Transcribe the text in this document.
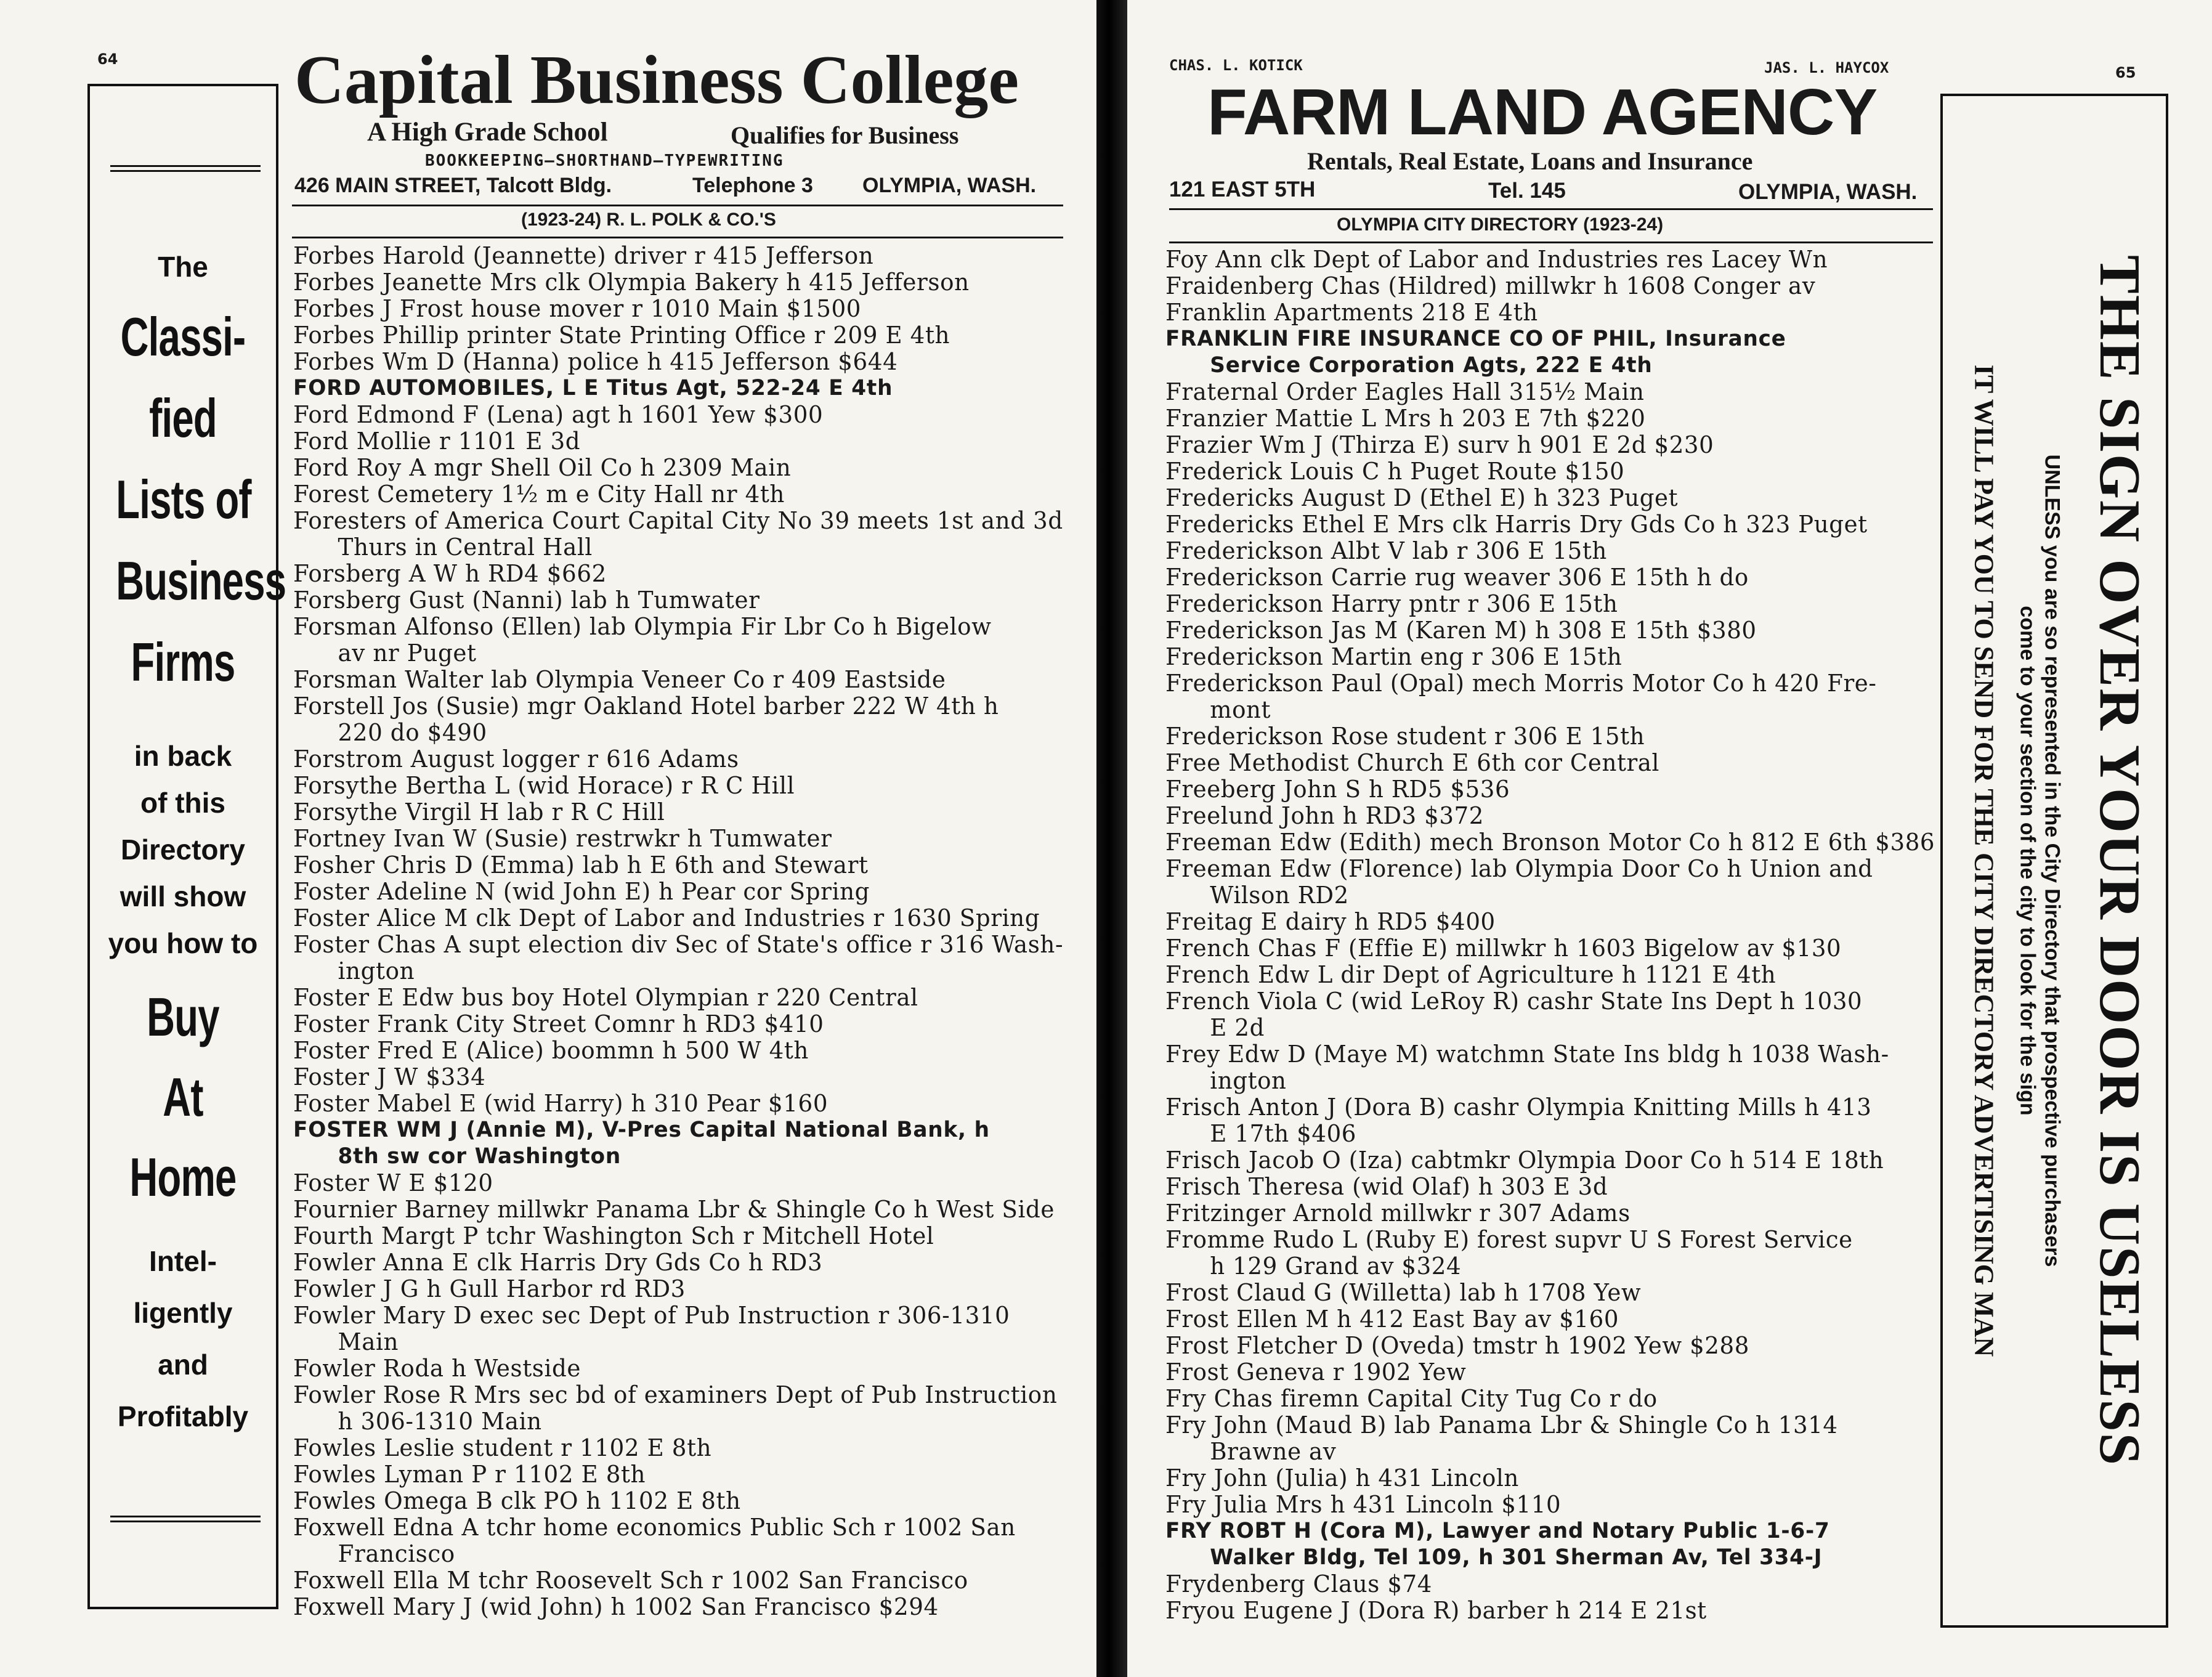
64	Capital Business College
A High Grade School	Qualifies for Business
BOOKKEEPING—SHORTHAND—TYPEWRITING
426 MAIN STREET, Talcott Bldg.	Telephone 3 OLYMPIA, WASH.
(1923-24) R. L. POLK & CO.'S
The
Classi-
fied
Lists of
Business
Firms
in back
of this
Directory
will show
you how to
Buy
At
Home
Intel-
ligently
and
Profitably
Forbes Harold (Jeannette) driver r 415 Jefferson
Forbes Jeanette Mrs clk Olympia Bakery h 415 Jefferson
Forbes J Frost house mover r 1010 Main $1500
Forbes Phillip printer State Printing Office r 209 E 4th
Forbes Wm D (Hanna) police h 415 Jefferson $644
FORD AUTOMOBILES, L E Titus Agt, 522-24 E 4th
Ford Edmond F (Lena) agt h 1601 Yew $300
Ford Mollie r 1101 E 3d
Ford Roy A mgr Shell Oil Co h 2309 Main
Forest Cemetery 1½ m e City Hall nr 4th
Foresters of America Court Capital City No 39 meets 1st and 3d
Thurs in Central Hall
Forsberg A W h RD4 $662
Forsberg Gust (Nanni) lab h Tumwater
Forsman Alfonso (Ellen) lab Olympia Fir Lbr Co h Bigelow
av nr Puget
Forsman Walter lab Olympia Veneer Co r 409 Eastside
Forstell Jos (Susie) mgr Oakland Hotel barber 222 W 4th h
220 do $490
Forstrom August logger r 616 Adams
Forsythe Bertha L (wid Horace) r R C Hill
Forsythe Virgil H lab r R C Hill
Fortney Ivan W (Susie) restrwkr h Tumwater
Fosher Chris D (Emma) lab h E 6th and Stewart
Foster Adeline N (wid John E) h Pear cor Spring
Foster Alice M clk Dept of Labor and Industries r 1630 Spring
Foster Chas A supt election div Sec of State's office r 316 Wash-
ington
Foster E Edw bus boy Hotel Olympian r 220 Central
Foster Frank City Street Comnr h RD3 $410
Foster Fred E (Alice) boommn h 500 W 4th
Foster J W $334
Foster Mabel E (wid Harry) h 310 Pear $160
FOSTER WM J (Annie M), V-Pres Capital National Bank, h
8th sw cor Washington
Foster W E $120
Fournier Barney millwkr Panama Lbr & Shingle Co h West Side
Fourth Margt P tchr Washington Sch r Mitchell Hotel
Fowler Anna E clk Harris Dry Gds Co h RD3
Fowler J G h Gull Harbor rd RD3
Fowler Mary D exec sec Dept of Pub Instruction r 306-1310
Main
Fowler Roda h Westside
Fowler Rose R Mrs sec bd of examiners Dept of Pub Instruction
h 306-1310 Main
Fowles Leslie student r 1102 E 8th
Fowles Lyman P r 1102 E 8th
Fowles Omega B clk PO h 1102 E 8th
Foxwell Edna A tchr home economics Public Sch r 1002 San
Francisco
Foxwell Ella M tchr Roosevelt Sch r 1002 San Francisco
Foxwell Mary J (wid John) h 1002 San Francisco $294
65
CHAS. L. KOTICK	JAS. L. HAYCOX
FARM LAND AGENCY
Rentals, Real Estate, Loans and Insurance
121 EAST 5TH	Tel. 145	OLYMPIA, WASH.
OLYMPIA CITY DIRECTORY (1923-24)
THE SIGN OVER YOUR DOOR IS USELESS
UNLESS you are so represented in the City Directory that prospective purchasers
come to your section of the city to look for the sign
IT WILL PAY YOU TO SEND FOR THE CITY DIRECTORY ADVERTISING MAN
Foy Ann clk Dept of Labor and Industries res Lacey Wn
Fraidenberg Chas (Hildred) millwkr h 1608 Conger av
Franklin Apartments 218 E 4th
FRANKLIN FIRE INSURANCE CO OF PHIL, Insurance
Service Corporation Agts, 222 E 4th
Fraternal Order Eagles Hall 315½ Main
Franzier Mattie L Mrs h 203 E 7th $220
Frazier Wm J (Thirza E) surv h 901 E 2d $230
Frederick Louis C h Puget Route $150
Fredericks August D (Ethel E) h 323 Puget
Fredericks Ethel E Mrs clk Harris Dry Gds Co h 323 Puget
Frederickson Albt V lab r 306 E 15th
Frederickson Carrie rug weaver 306 E 15th h do
Frederickson Harry pntr r 306 E 15th
Frederickson Jas M (Karen M) h 308 E 15th $380
Frederickson Martin eng r 306 E 15th
Frederickson Paul (Opal) mech Morris Motor Co h 420 Fre-
mont
Frederickson Rose student r 306 E 15th
Free Methodist Church E 6th cor Central
Freeberg John S h RD5 $536
Freelund John h RD3 $372
Freeman Edw (Edith) mech Bronson Motor Co h 812 E 6th $386
Freeman Edw (Florence) lab Olympia Door Co h Union and
Wilson RD2
Freitag E dairy h RD5 $400
French Chas F (Effie E) millwkr h 1603 Bigelow av $130
French Edw L dir Dept of Agriculture h 1121 E 4th
French Viola C (wid LeRoy R) cashr State Ins Dept h 1030
E 2d
Frey Edw D (Maye M) watchmn State Ins bldg h 1038 Wash-
ington
Frisch Anton J (Dora B) cashr Olympia Knitting Mills h 413
E 17th $406
Frisch Jacob O (Iza) cabtmkr Olympia Door Co h 514 E 18th
Frisch Theresa (wid Olaf) h 303 E 3d
Fritzinger Arnold millwkr r 307 Adams
Fromme Rudo L (Ruby E) forest supvr U S Forest Service
h 129 Grand av $324
Frost Claud G (Willetta) lab h 1708 Yew
Frost Ellen M h 412 East Bay av $160
Frost Fletcher D (Oveda) tmstr h 1902 Yew $288
Frost Geneva r 1902 Yew
Fry Chas firemn Capital City Tug Co r do
Fry John (Maud B) lab Panama Lbr & Shingle Co h 1314
Brawne av
Fry John (Julia) h 431 Lincoln
Fry Julia Mrs h 431 Lincoln $110
FRY ROBT H (Cora M), Lawyer and Notary Public 1-6-7
Walker Bldg, Tel 109, h 301 Sherman Av, Tel 334-J
Frydenberg Claus $74
Fryou Eugene J (Dora R) barber h 214 E 21st
